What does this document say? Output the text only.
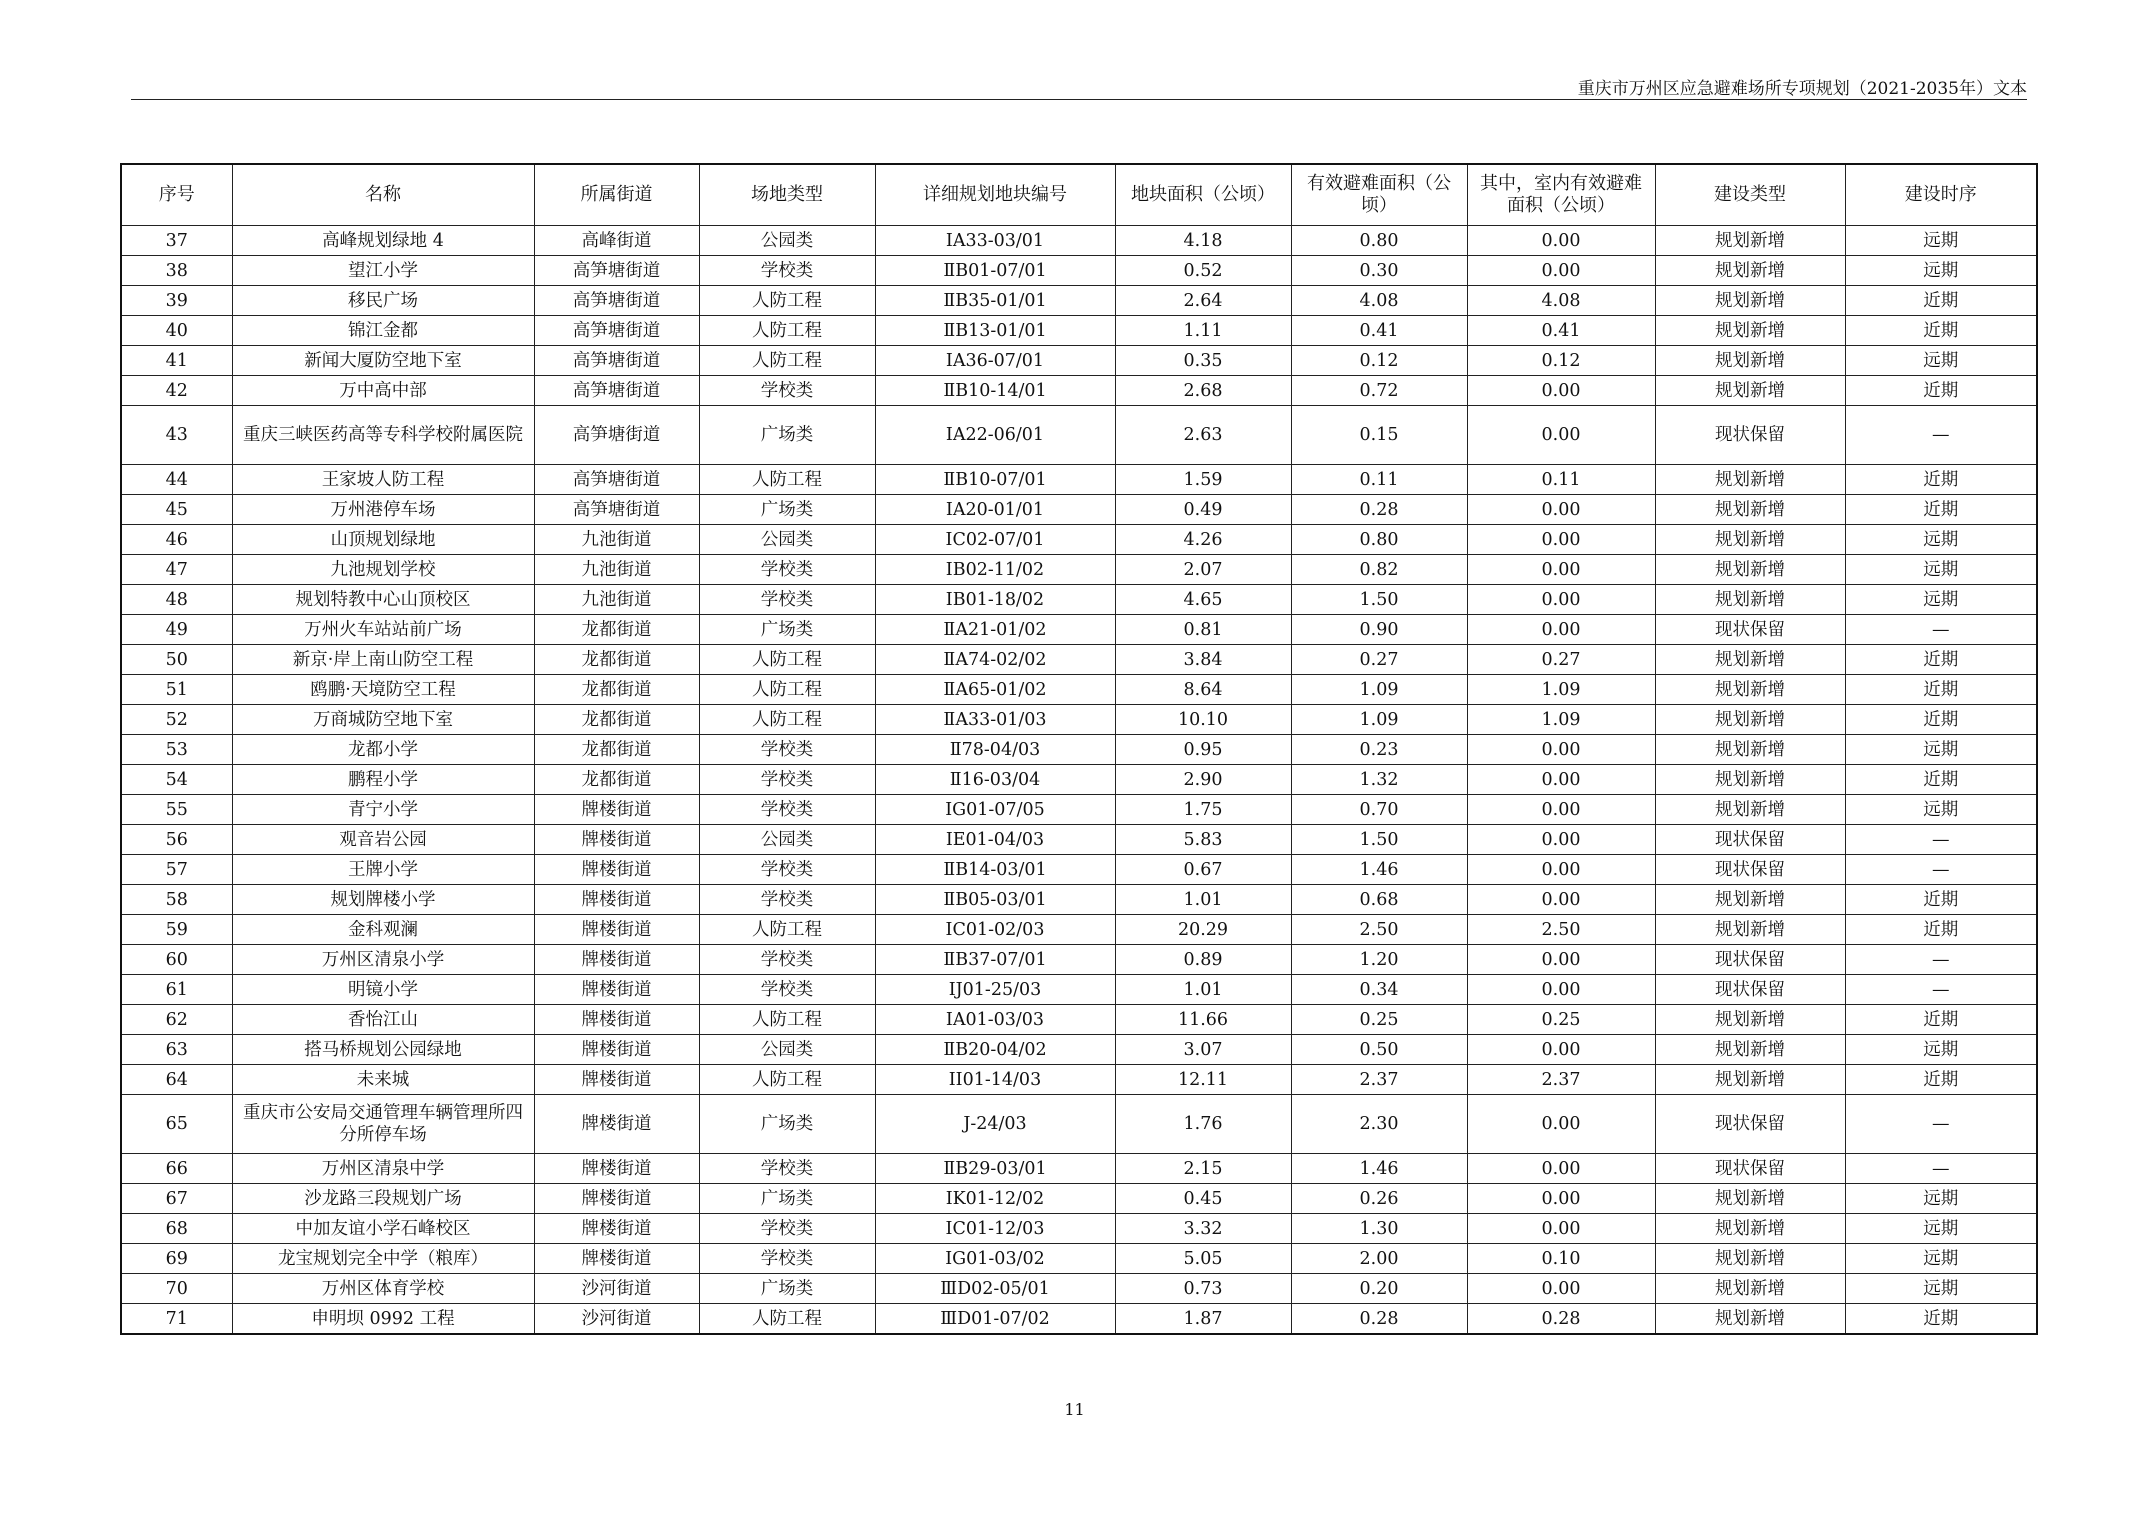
重庆市万州区应急避难场所专项规划（2021-2035年）文本
序号	名称	所属街道	场地类型	详细规划地块编号	地块面积（公顷）	有效避难面积（公顷）	其中，室内有效避难面积（公顷）	建设类型	建设时序
37	高峰规划绿地 4	高峰街道	公园类	ⅠA33-03/01	4.18	0.80	0.00	规划新增	远期
38	望江小学	高笋塘街道	学校类	ⅡB01-07/01	0.52	0.30	0.00	规划新增	远期
39	移民广场	高笋塘街道	人防工程	ⅡB35-01/01	2.64	4.08	4.08	规划新增	近期
40	锦江金都	高笋塘街道	人防工程	ⅡB13-01/01	1.11	0.41	0.41	规划新增	近期
41	新闻大厦防空地下室	高笋塘街道	人防工程	IA36-07/01	0.35	0.12	0.12	规划新增	远期
42	万中高中部	高笋塘街道	学校类	ⅡB10-14/01	2.68	0.72	0.00	规划新增	近期
43	重庆三峡医药高等专科学校附属医院	高笋塘街道	广场类	IA22-06/01	2.63	0.15	0.00	现状保留	—
44	王家坡人防工程	高笋塘街道	人防工程	ⅡB10-07/01	1.59	0.11	0.11	规划新增	近期
45	万州港停车场	高笋塘街道	广场类	IA20-01/01	0.49	0.28	0.00	规划新增	近期
46	山顶规划绿地	九池街道	公园类	ⅠC02-07/01	4.26	0.80	0.00	规划新增	远期
47	九池规划学校	九池街道	学校类	ⅠB02-11/02	2.07	0.82	0.00	规划新增	远期
48	规划特教中心山顶校区	九池街道	学校类	ⅠB01-18/02	4.65	1.50	0.00	规划新增	远期
49	万州火车站站前广场	龙都街道	广场类	ⅡA21-01/02	0.81	0.90	0.00	现状保留	—
50	新京·岸上南山防空工程	龙都街道	人防工程	ⅡA74-02/02	3.84	0.27	0.27	规划新增	近期
51	鸥鹏·天境防空工程	龙都街道	人防工程	ⅡA65-01/02	8.64	1.09	1.09	规划新增	近期
52	万商城防空地下室	龙都街道	人防工程	ⅡA33-01/03	10.10	1.09	1.09	规划新增	近期
53	龙都小学	龙都街道	学校类	Ⅱ78-04/03	0.95	0.23	0.00	规划新增	远期
54	鹏程小学	龙都街道	学校类	Ⅱ16-03/04	2.90	1.32	0.00	规划新增	近期
55	青宁小学	牌楼街道	学校类	IG01-07/05	1.75	0.70	0.00	规划新增	远期
56	观音岩公园	牌楼街道	公园类	ⅠE01-04/03	5.83	1.50	0.00	现状保留	—
57	王牌小学	牌楼街道	学校类	ⅡB14-03/01	0.67	1.46	0.00	现状保留	—
58	规划牌楼小学	牌楼街道	学校类	ⅡB05-03/01	1.01	0.68	0.00	规划新增	近期
59	金科观澜	牌楼街道	人防工程	ⅠC01-02/03	20.29	2.50	2.50	规划新增	近期
60	万州区清泉小学	牌楼街道	学校类	ⅡB37-07/01	0.89	1.20	0.00	现状保留	—
61	明镜小学	牌楼街道	学校类	ⅠJ01-25/03	1.01	0.34	0.00	现状保留	—
62	香怡江山	牌楼街道	人防工程	ⅠA01-03/03	11.66	0.25	0.25	规划新增	近期
63	搭马桥规划公园绿地	牌楼街道	公园类	ⅡB20-04/02	3.07	0.50	0.00	规划新增	远期
64	未来城	牌楼街道	人防工程	ⅠI01-14/03	12.11	2.37	2.37	规划新增	近期
65	重庆市公安局交通管理车辆管理所四分所停车场	牌楼街道	广场类	J-24/03	1.76	2.30	0.00	现状保留	—
66	万州区清泉中学	牌楼街道	学校类	ⅡB29-03/01	2.15	1.46	0.00	现状保留	—
67	沙龙路三段规划广场	牌楼街道	广场类	ⅠK01-12/02	0.45	0.26	0.00	规划新增	远期
68	中加友谊小学石峰校区	牌楼街道	学校类	ⅠC01-12/03	3.32	1.30	0.00	规划新增	远期
69	龙宝规划完全中学（粮库）	牌楼街道	学校类	ⅠG01-03/02	5.05	2.00	0.10	规划新增	远期
70	万州区体育学校	沙河街道	广场类	ⅢD02-05/01	0.73	0.20	0.00	规划新增	远期
71	申明坝 0992 工程	沙河街道	人防工程	ⅢD01-07/02	1.87	0.28	0.28	规划新增	近期
11
